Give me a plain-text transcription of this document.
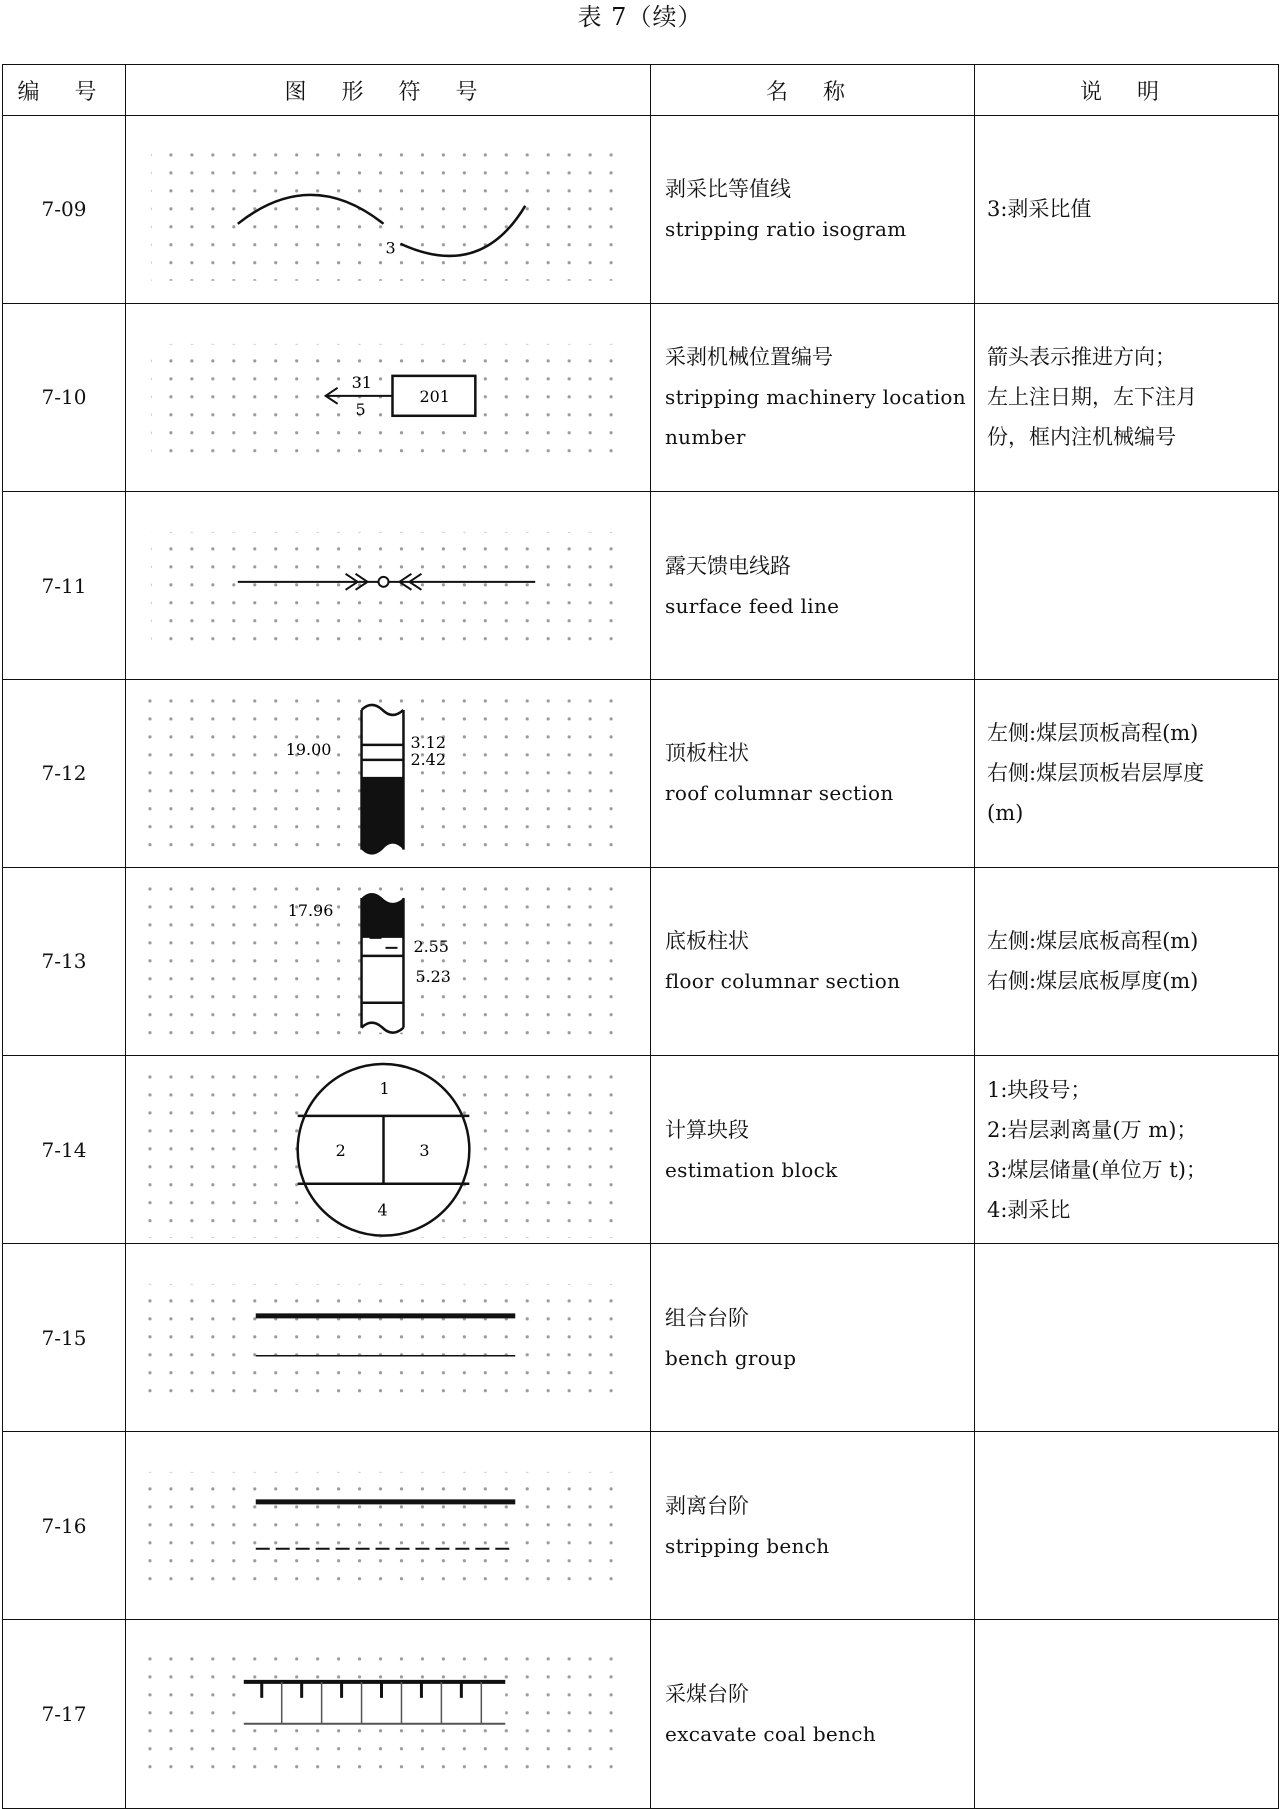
表 7（续）
编 号	图 形 符 号	名 称	说 明
7-09	3	剥采比等值线
stripping ratio isogram	3:剥采比值

7-10	31
5
201	采剥机械位置编号
stripping machinery location
number	箭头表示推进方向；
左上注日期，左下注月
份，框内注机械编号

7-11		露天馈电线路
surface feed line	

7-12	19.00 3.12
2.42	顶板柱状
roof columnar section	左侧:煤层顶板高程(m)
右侧:煤层顶板岩层厚度
(m)

7-13	17.96
2.55
5.23	底板柱状
floor columnar section	左侧:煤层底板高程(m)
右侧:煤层底板厚度(m)

7-14	1
2 3
4	计算块段
estimation block	1:块段号；
2:岩层剥离量(万 m)；
3:煤层储量(单位万 t)；
4:剥采比

7-15		组合台阶
bench group	

7-16		剥离台阶
stripping bench	

7-17		采煤台阶
excavate coal bench	
